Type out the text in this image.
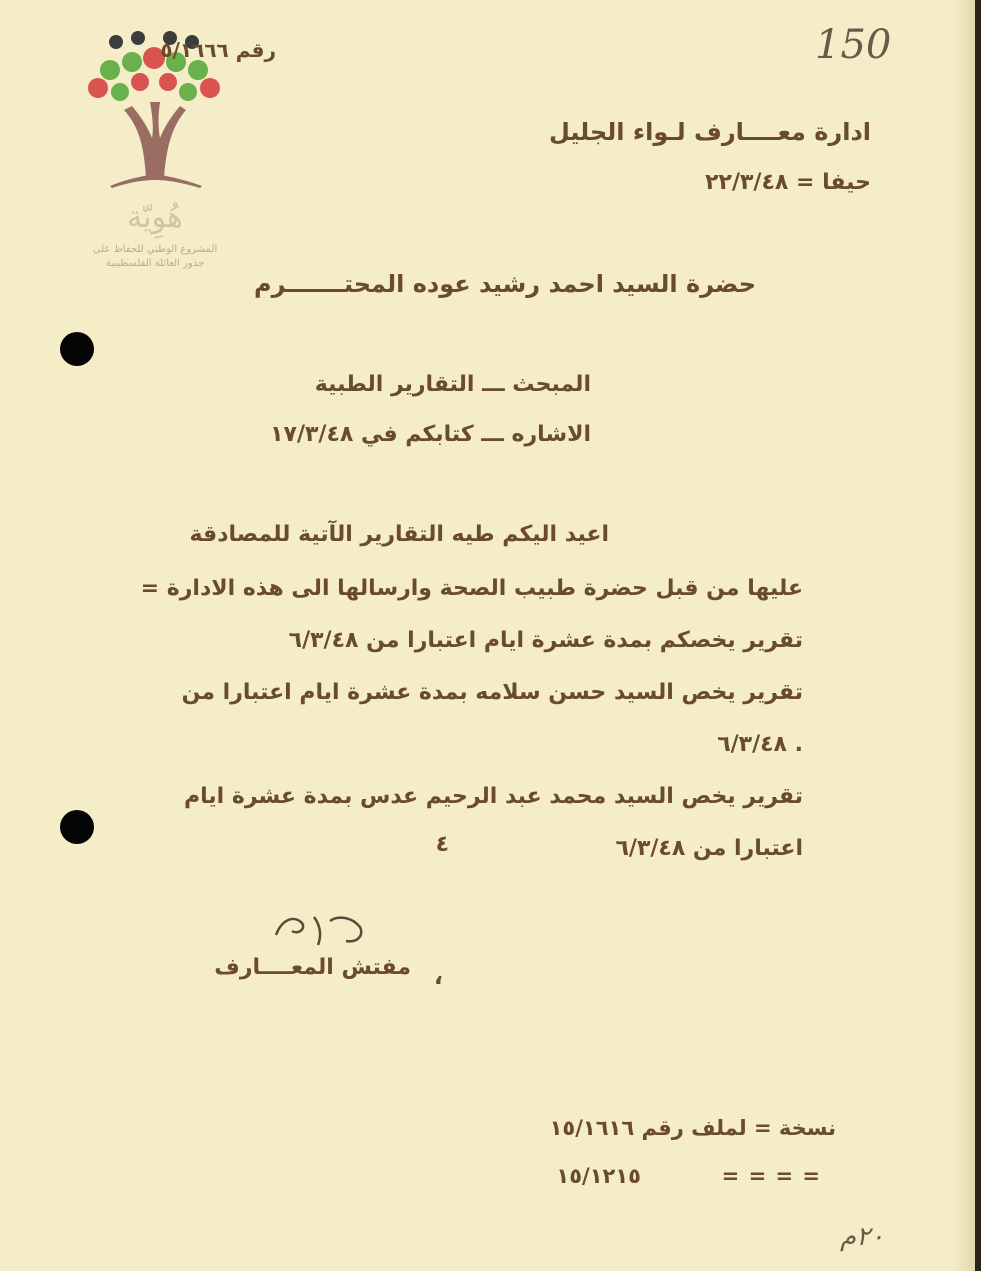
هُوِيّة
المشروع الوطني للحفاظ على
جذور العائلة الفلسطينية
رقم ٥/١٦٦٦	150
ادارة معــــارف لـواء الجليل
حيفا = ٢٢/٣/٤٨
حضرة السيد احمد رشيد عوده المحتـــــــرم
المبحث ـــ التقارير الطبية
الاشاره ـــ كتابكم في ١٧/٣/٤٨
اعيد اليكم طيه التقارير الآتية للمصادقة
عليها من قبل حضرة طبيب الصحة وارسالها الى هذه الادارة =
تقرير يخصكم بمدة عشرة ايام اعتبارا من ٦/٣/٤٨
تقرير يخص السيد حسن سلامه بمدة عشرة ايام اعتبارا من
٦/٣/٤٨ .
تقرير يخص السيد محمد عبد الرحيم عدس بمدة عشرة ايام
اعتبارا من ٦/٣/٤٨
٤
مفتش المعــــارف ،
نسخة = لملف رقم ١٥/١٦١٦
= = = =
١٥/١٢١٥
٢٠م
